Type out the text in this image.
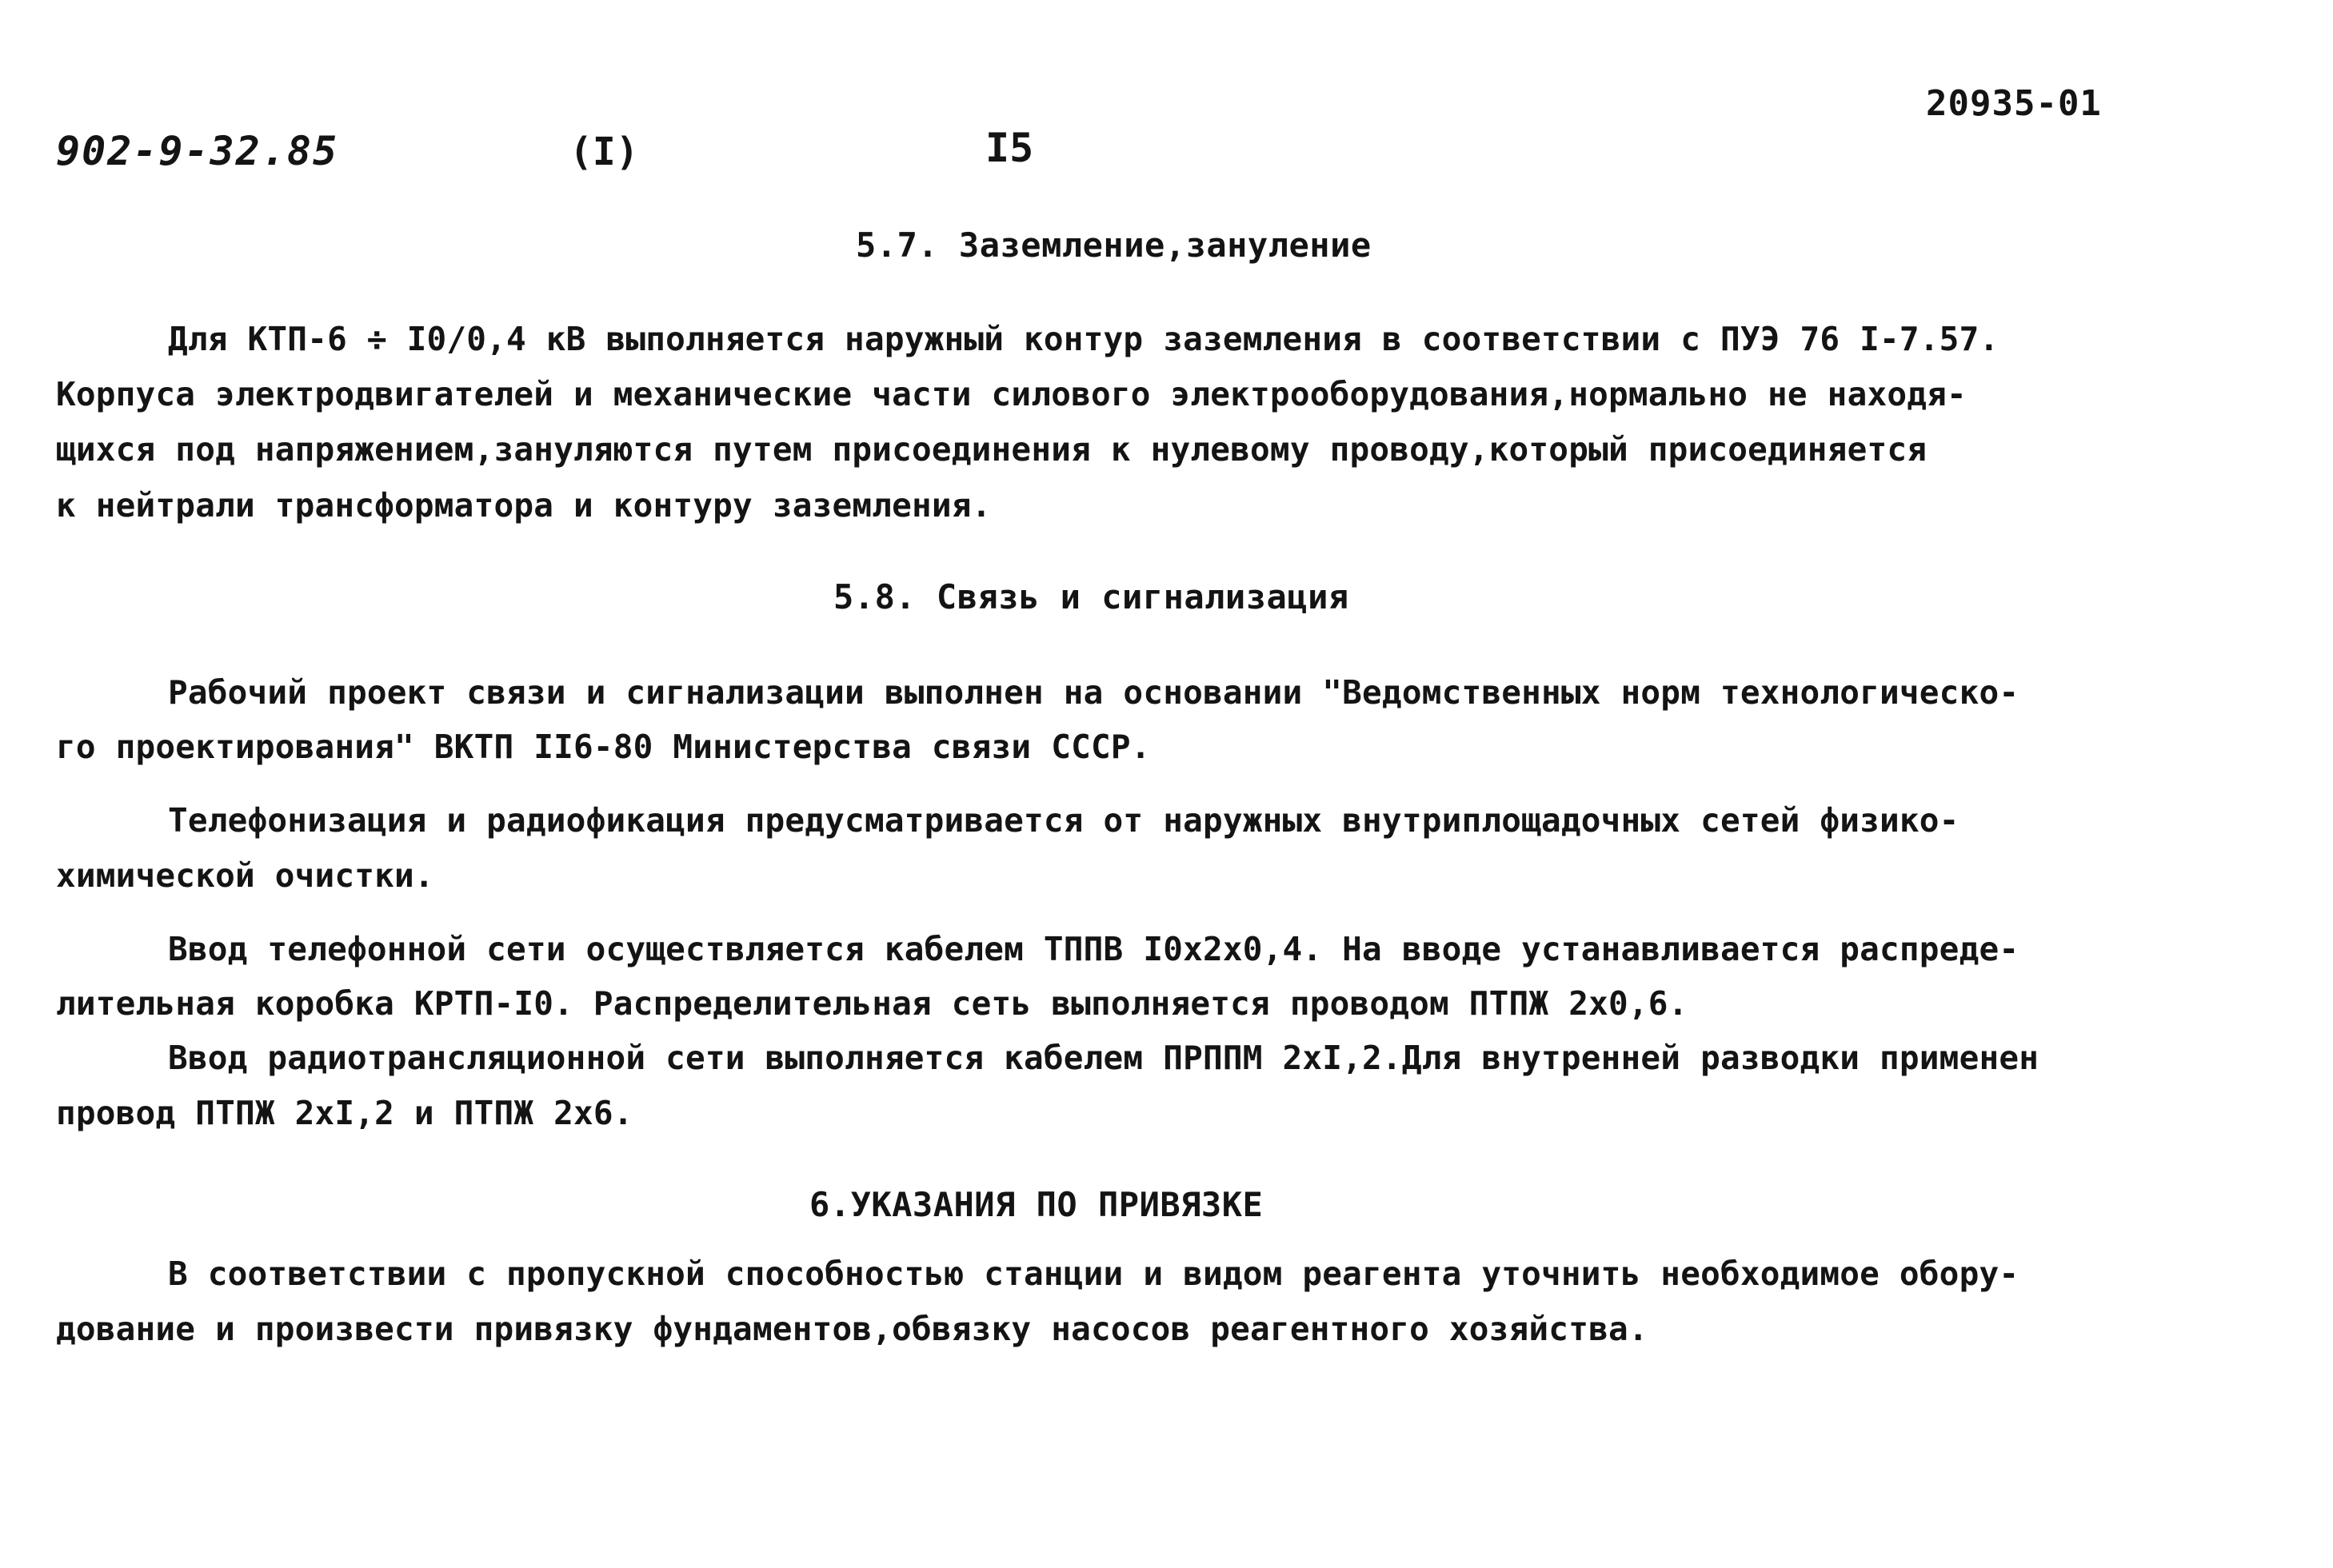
902-9-32.85	(I)	I5
20935-01
5.7. Заземление,зануление
Для КТП-6 ÷ I0/0,4 кВ выполняется наружный контур заземления в соответствии с ПУЭ 76 I-7.57.
Корпуса электродвигателей и механические части силового электрооборудования,нормально не находя-
щихся под напряжением,зануляются путем присоединения к нулевому проводу,который присоединяется
к нейтрали трансформатора и контуру заземления.
5.8. Связь и сигнализация
Рабочий проект связи и сигнализации выполнен на основании "Ведомственных норм технологическо-
го проектирования" ВКТП II6-80 Министерства связи СССР.
Телефонизация и радиофикация предусматривается от наружных внутриплощадочных сетей физико-
химической очистки.
Ввод телефонной сети осуществляется кабелем ТППВ I0х2х0,4. На вводе устанавливается распреде-
лительная коробка КРТП-I0. Распределительная сеть выполняется проводом ПТПЖ 2х0,6.
Ввод радиотрансляционной сети выполняется кабелем ПРППМ 2хI,2.Для внутренней разводки применен
провод ПТПЖ 2хI,2 и ПТПЖ 2х6.
6.УКАЗАНИЯ ПО ПРИВЯЗКЕ
В соответствии с пропускной способностью станции и видом реагента уточнить необходимое обору-
дование и произвести привязку фундаментов,обвязку насосов реагентного хозяйства.
